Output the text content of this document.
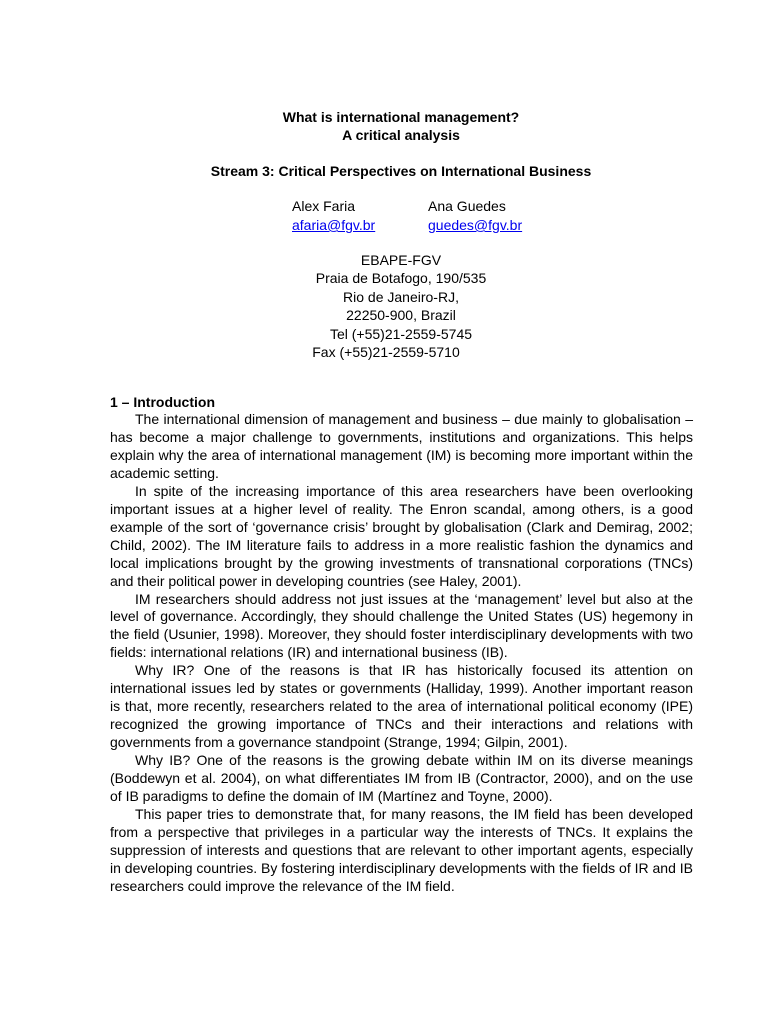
What is international management?
A critical analysis
Stream 3: Critical Perspectives on International Business
Alex Faria
afaria@fgv.br
Ana Guedes
guedes@fgv.br
EBAPE-FGV
Praia de Botafogo, 190/535
Rio de Janeiro-RJ,
22250-900, Brazil
Tel (+55)21-2559-5745
Fax (+55)21-2559-5710
1 – Introduction

The international dimension of management and business – due mainly to globalisation – has become a major challenge to governments, institutions and organizations. This helps explain why the area of international management (IM) is becoming more important within the academic setting.

In spite of the increasing importance of this area researchers have been overlooking important issues at a higher level of reality. The Enron scandal, among others, is a good example of the sort of ‘governance crisis’ brought by globalisation (Clark and Demirag, 2002; Child, 2002). The IM literature fails to address in a more realistic fashion the dynamics and local implications brought by the growing investments of transnational corporations (TNCs) and their political power in developing countries (see Haley, 2001).

IM researchers should address not just issues at the ‘management’ level but also at the level of governance. Accordingly, they should challenge the United States (US) hegemony in the field (Usunier, 1998). Moreover, they should foster interdisciplinary developments with two fields: international relations (IR) and international business (IB).

Why IR? One of the reasons is that IR has historically focused its attention on international issues led by states or governments (Halliday, 1999). Another important reason is that, more recently, researchers related to the area of international political economy (IPE) recognized the growing importance of TNCs and their interactions and relations with governments from a governance standpoint (Strange, 1994; Gilpin, 2001).

Why IB? One of the reasons is the growing debate within IM on its diverse meanings (Boddewyn et al. 2004), on what differentiates IM from IB (Contractor, 2000), and on the use of IB paradigms to define the domain of IM (Martínez and Toyne, 2000).

This paper tries to demonstrate that, for many reasons, the IM field has been developed from a perspective that privileges in a particular way the interests of TNCs. It explains the suppression of interests and questions that are relevant to other important agents, especially in developing countries. By fostering interdisciplinary developments with the fields of IR and IB researchers could improve the relevance of the IM field.
